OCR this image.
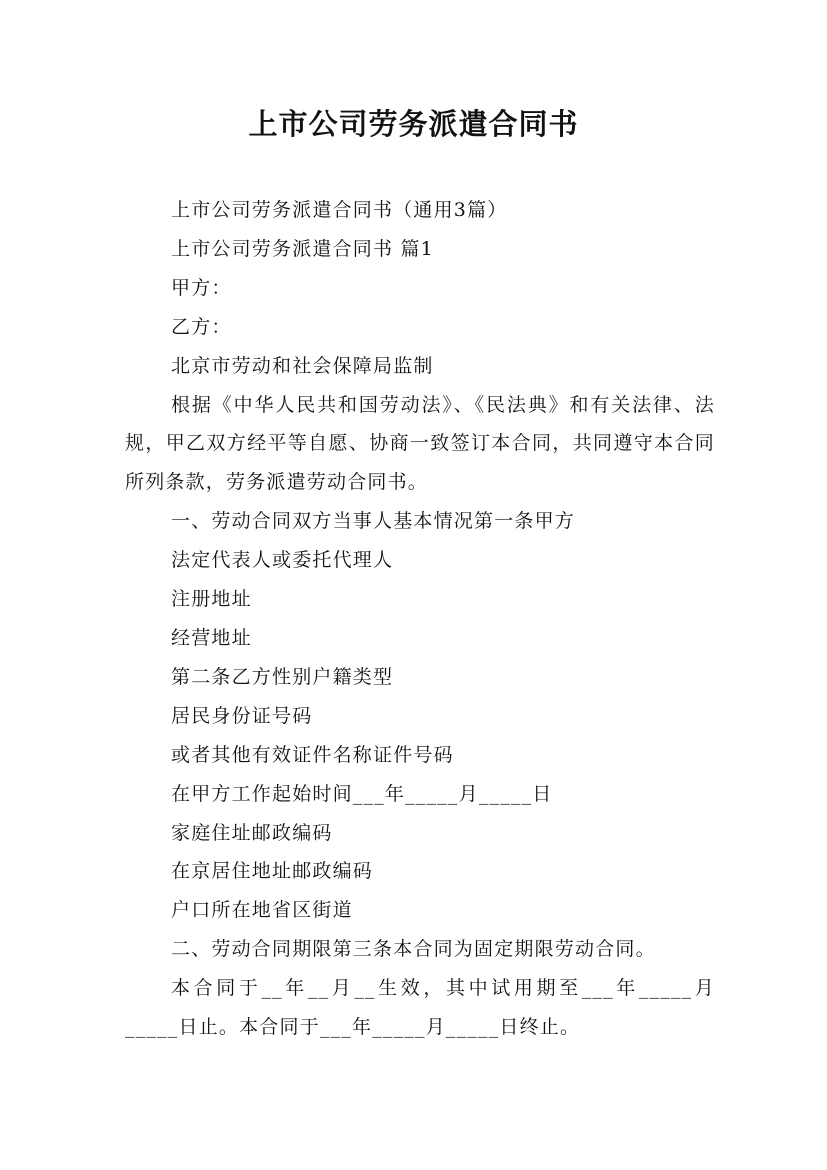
上市公司劳务派遣合同书

上市公司劳务派遣合同书（通用3篇）

上市公司劳务派遣合同书 篇1

甲方：

乙方：

北京市劳动和社会保障局监制

根据《中华人民共和国劳动法》、《民法典》和有关法律、法规，甲乙双方经平等自愿、协商一致签订本合同，共同遵守本合同所列条款，劳务派遣劳动合同书。

一、劳动合同双方当事人基本情况第一条甲方

法定代表人或委托代理人

注册地址

经营地址

第二条乙方性别户籍类型

居民身份证号码

或者其他有效证件名称证件号码

在甲方工作起始时间___年_____月_____日

家庭住址邮政编码

在京居住地址邮政编码

户口所在地省区街道

二、劳动合同期限第三条本合同为固定期限劳动合同。

本合同于__年__月__生效，其中试用期至___年_____月_____日止。本合同于___年_____月_____日终止。
